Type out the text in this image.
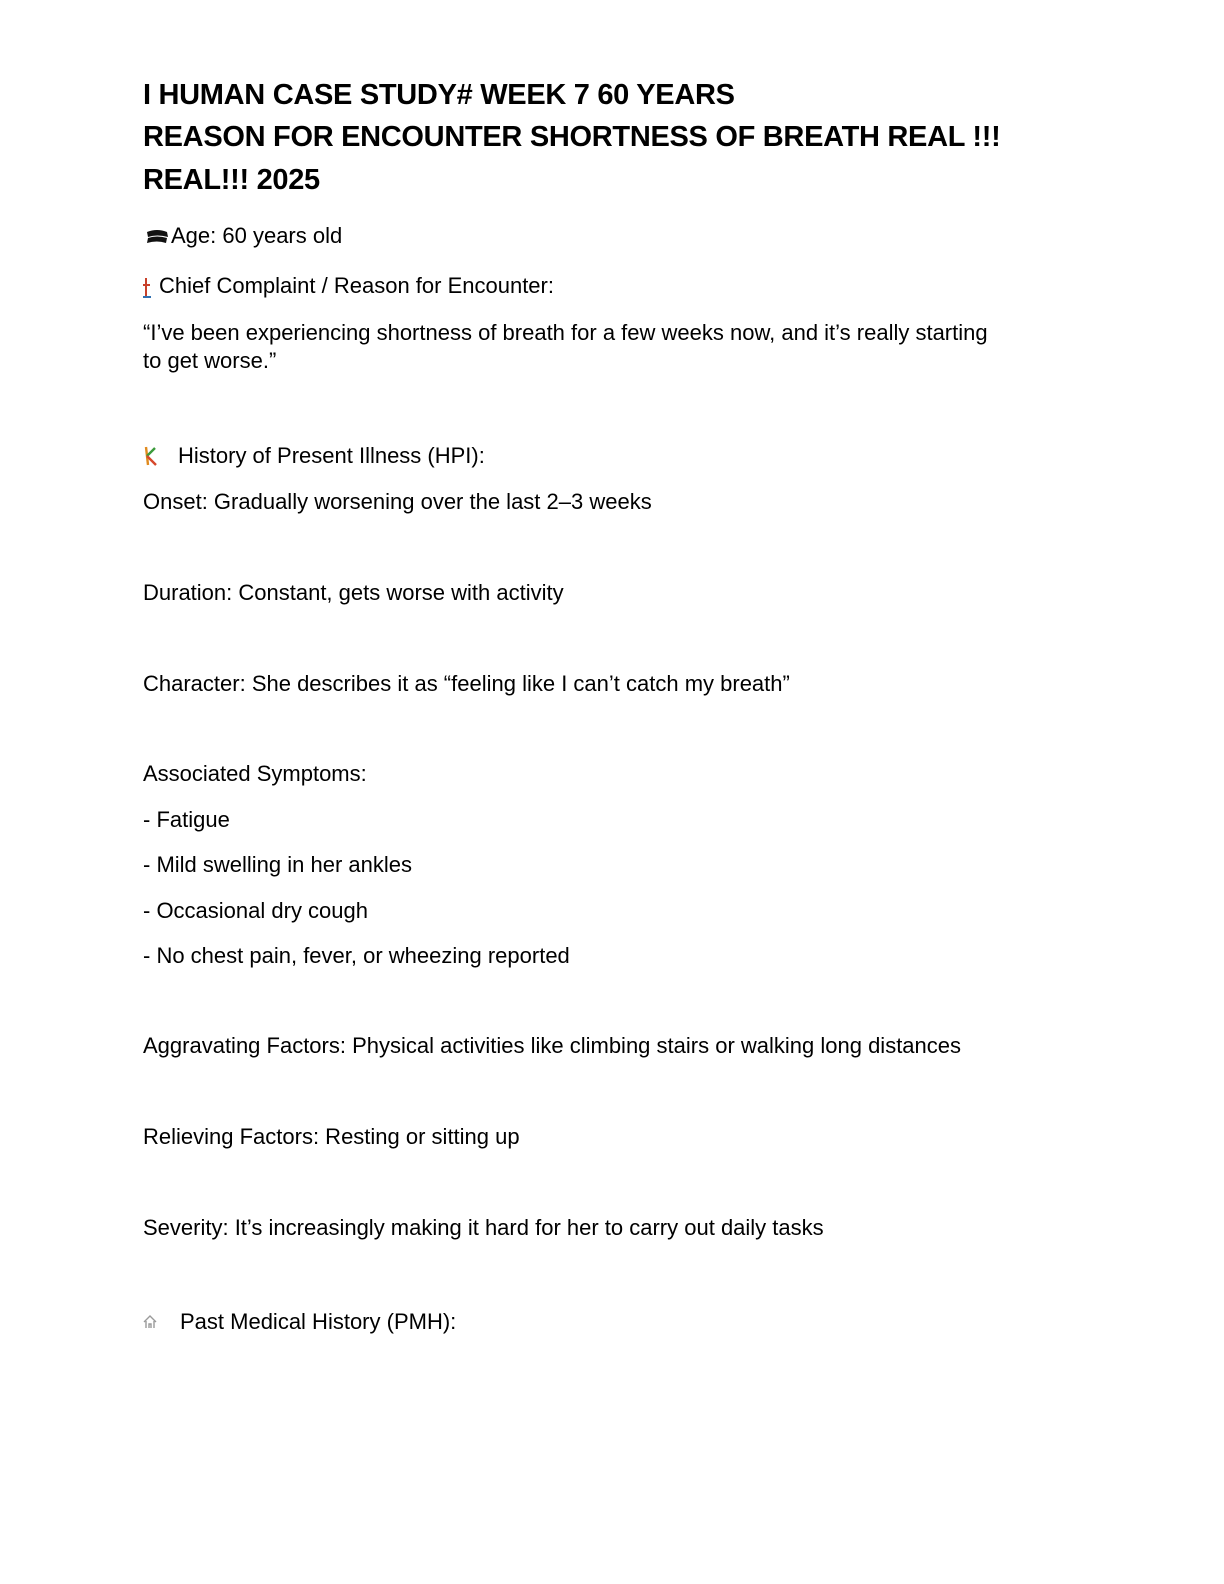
I HUMAN CASE STUDY# WEEK 7 60 YEARS
REASON FOR ENCOUNTER SHORTNESS OF BREATH REAL !!!
REAL!!! 2025
Age: 60 years old
Chief Complaint / Reason for Encounter:
“I’ve been experiencing shortness of breath for a few weeks now, and it’s really starting
to get worse.”
History of Present Illness (HPI):
Onset: Gradually worsening over the last 2–3 weeks
Duration: Constant, gets worse with activity
Character: She describes it as “feeling like I can’t catch my breath”
Associated Symptoms:
- Fatigue
- Mild swelling in her ankles
- Occasional dry cough
- No chest pain, fever, or wheezing reported
Aggravating Factors: Physical activities like climbing stairs or walking long distances
Relieving Factors: Resting or sitting up
Severity: It’s increasingly making it hard for her to carry out daily tasks
Past Medical History (PMH):
